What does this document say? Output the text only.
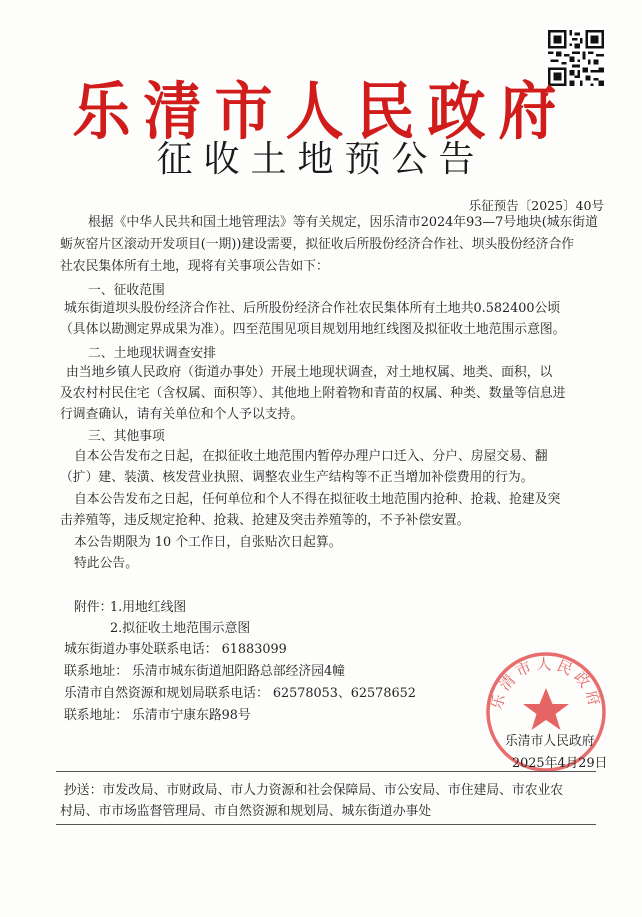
乐清市人民政府
征收土地预公告
乐征预告〔2025〕40号
根据《中华人民共和国土地管理法》等有关规定，因乐清市2024年93—7号地块(城东街道
蛎灰窑片区滚动开发项目(一期))建设需要，拟征收后所股份经济合作社、坝头股份经济合作
社农民集体所有土地，现将有关事项公告如下：
一、征收范围
城东街道坝头股份经济合作社、后所股份经济合作社农民集体所有土地共0.582400公顷
（具体以勘测定界成果为准）。四至范围见项目规划用地红线图及拟征收土地范围示意图。
二、土地现状调查安排
由当地乡镇人民政府（街道办事处）开展土地现状调查，对土地权属、地类、面积，以
及农村村民住宅（含权属、面积等）、其他地上附着物和青苗的权属、种类、数量等信息进
行调查确认，请有关单位和个人予以支持。
三、其他事项
自本公告发布之日起，在拟征收土地范围内暂停办理户口迁入、分户、房屋交易、翻
（扩）建、装潢、核发营业执照、调整农业生产结构等不正当增加补偿费用的行为。
自本公告发布之日起，任何单位和个人不得在拟征收土地范围内抢种、抢栽、抢建及突
击养殖等，违反规定抢种、抢栽、抢建及突击养殖等的，不予补偿安置。
本公告期限为 10 个工作日，自张贴次日起算。
特此公告。
附件：
1.用地红线图
2.拟征收土地范围示意图
城东街道办事处联系电话： 61883099
联系地址： 乐清市城东街道旭阳路总部经济园4幢
乐清市自然资源和规划局联系电话： 62578053、62578652
联系地址： 乐清市宁康东路98号
乐清市人民政府
乐清市人民政府
2025年4月29日
抄送：市发改局、市财政局、市人力资源和社会保障局、市公安局、市住建局、市农业农
村局、市市场监督管理局、市自然资源和规划局、城东街道办事处
